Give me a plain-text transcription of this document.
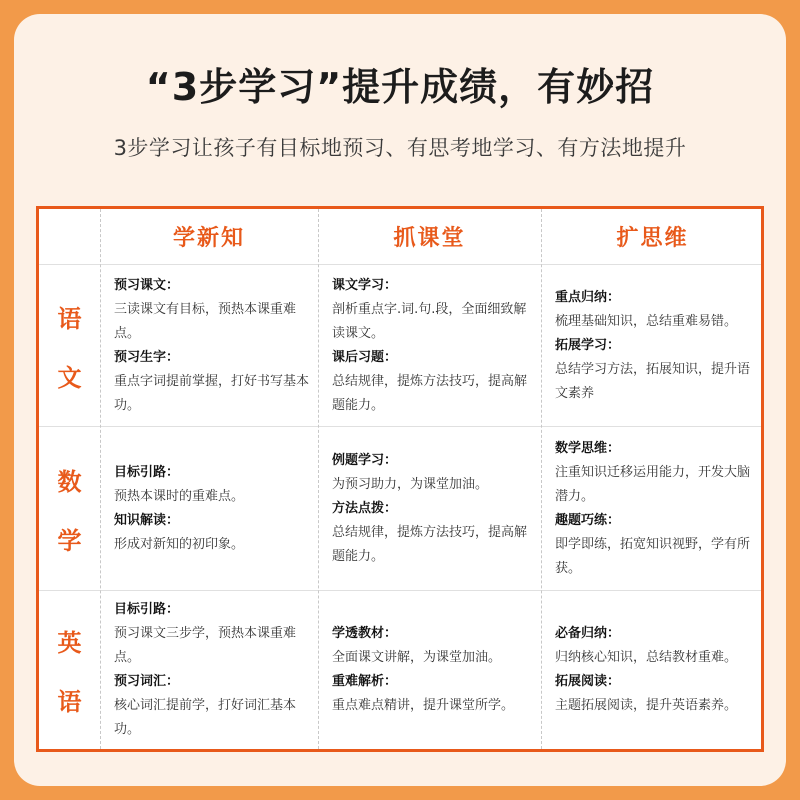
“3步学习”提升成绩，有妙招
3步学习让孩子有目标地预习、有思考地学习、有方法地提升
学新知	抓课堂	扩思维
语
文
预习课文：
三读课文有目标，预热本课重难点。
预习生字：
重点字词提前掌握，打好书写基本功。
课文学习：
剖析重点字.词.句.段，全面细致解读课文。
课后习题：
总结规律，提炼方法技巧，提高解题能力。
重点归纳：
梳理基础知识，总结重难易错。
拓展学习：
总结学习方法，拓展知识，提升语文素养
数
学
目标引路：
预热本课时的重难点。
知识解读：
形成对新知的初印象。
例题学习：
为预习助力，为课堂加油。
方法点拨：
总结规律，提炼方法技巧，提高解题能力。
数学思维：
注重知识迁移运用能力，开发大脑潜力。
趣题巧练：
即学即练，拓宽知识视野，学有所获。
英
语
目标引路：
预习课文三步学，预热本课重难点。
预习词汇：
核心词汇提前学，打好词汇基本功。
学透教材：
全面课文讲解，为课堂加油。
重难解析：
重点难点精讲，提升课堂所学。
必备归纳：
归纳核心知识，总结教材重难。
拓展阅读：
主题拓展阅读，提升英语素养。
